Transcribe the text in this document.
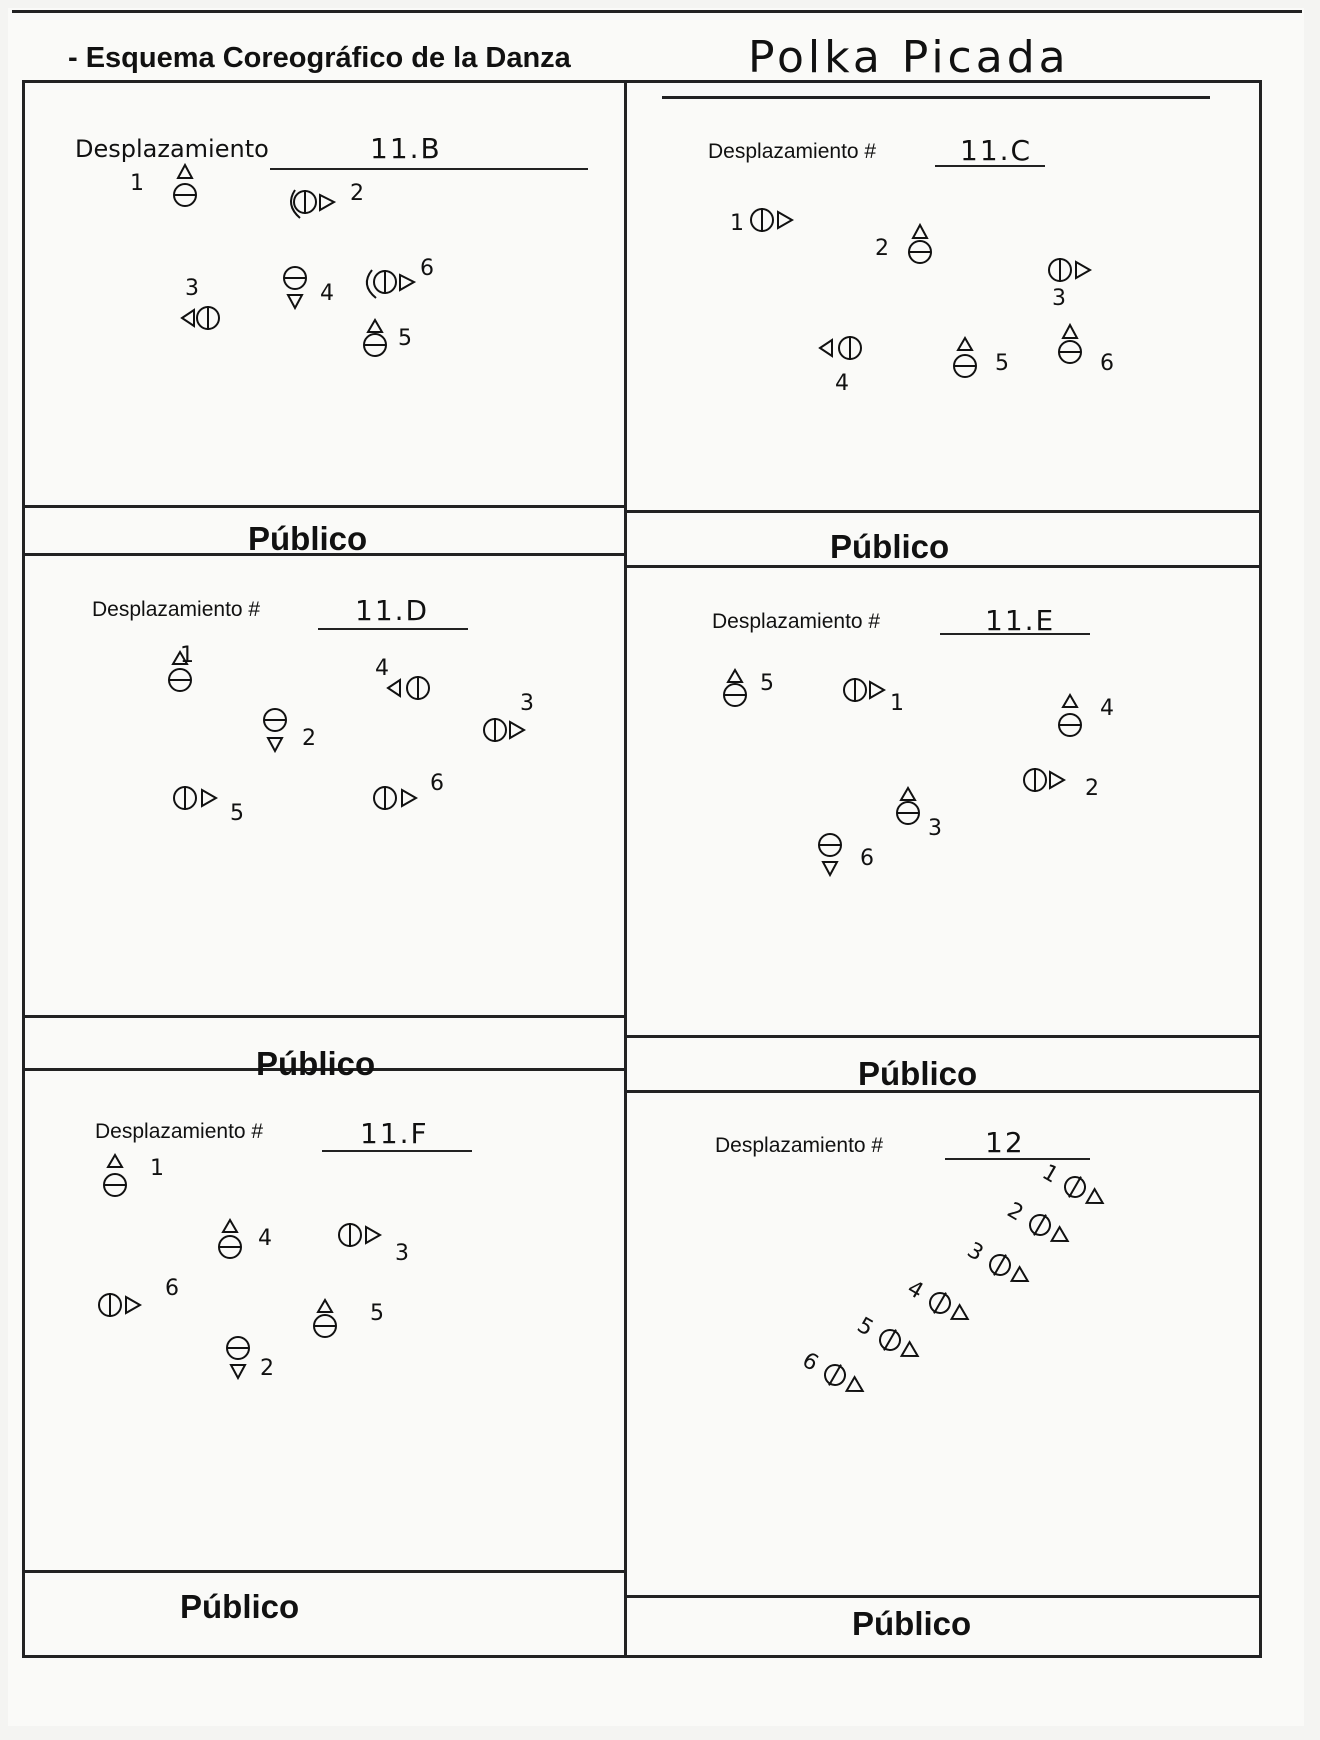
- Esquema Coreográfico de la Danza	Polka Picada
Desplazamiento	11.B
1	2
3	4
6
5
Público
Desplazamiento #	11.C
1
2
3
4
5	6
Público
Desplazamiento #	11.D
1
2
4
3
5
6
Público
Desplazamiento #	11.E
5
1	4
2
3
6
Público
Desplazamiento #	11.F
1
4
3
6
5
2
Público
Desplazamiento #	12
1
2
3
4
5
6
Público
